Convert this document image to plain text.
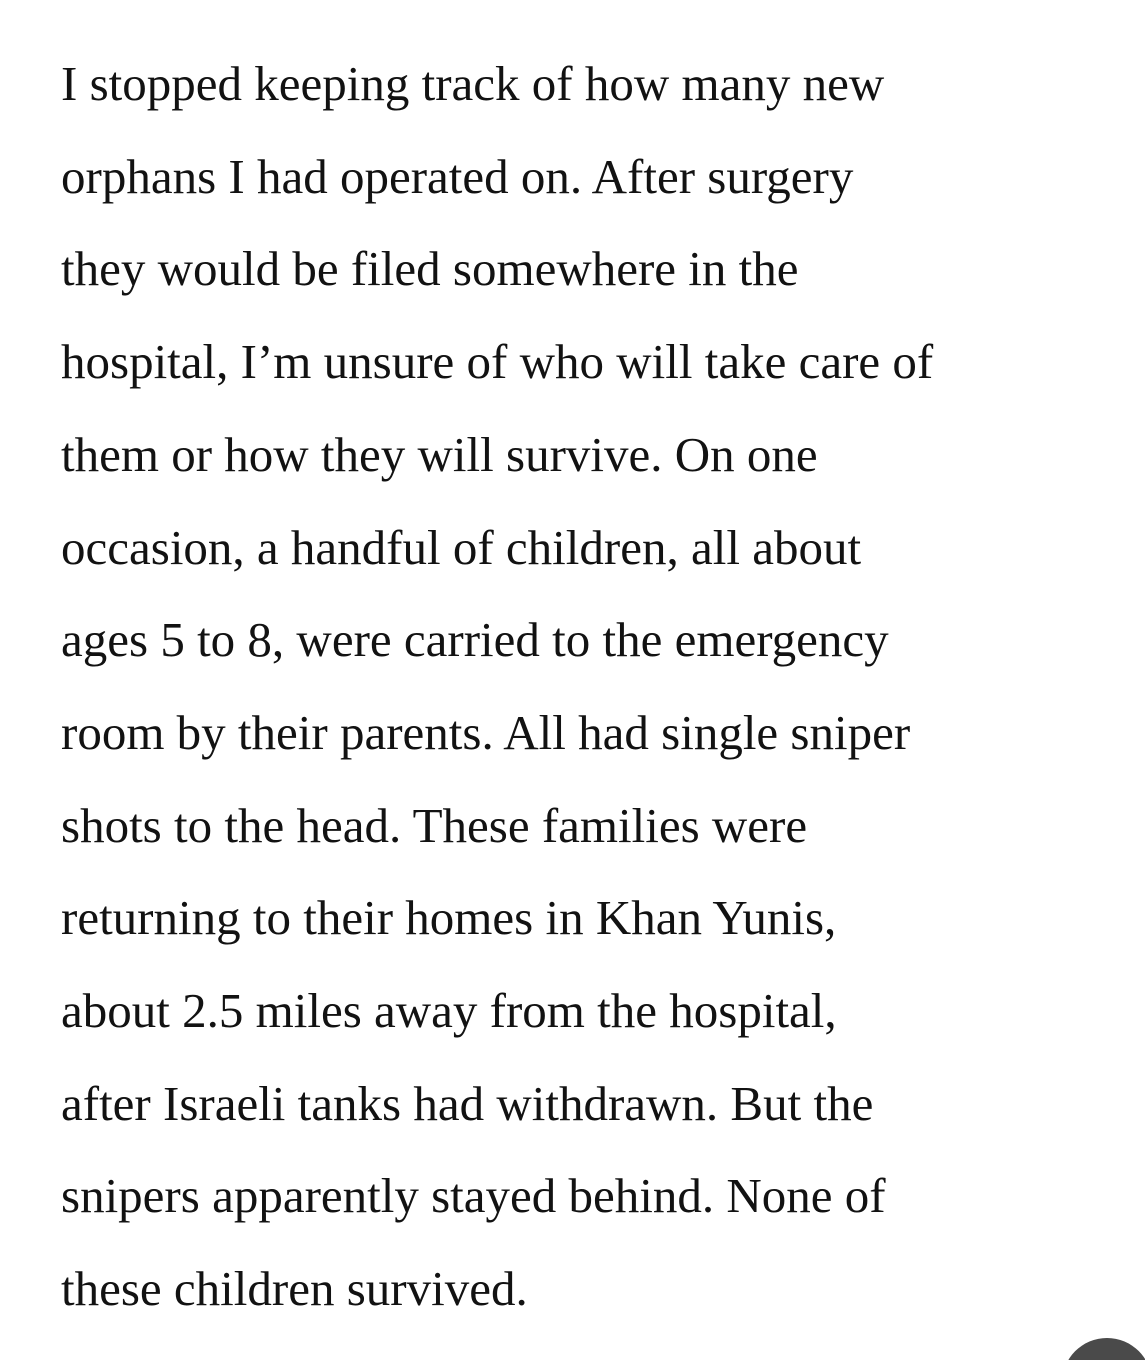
I stopped keeping track of how many new
orphans I had operated on. After surgery
they would be filed somewhere in the
hospital, I’m unsure of who will take care of
them or how they will survive. On one
occasion, a handful of children, all about
ages 5 to 8, were carried to the emergency
room by their parents. All had single sniper
shots to the head. These families were
returning to their homes in Khan Yunis,
about 2.5 miles away from the hospital,
after Israeli tanks had withdrawn. But the
snipers apparently stayed behind. None of
these children survived.
